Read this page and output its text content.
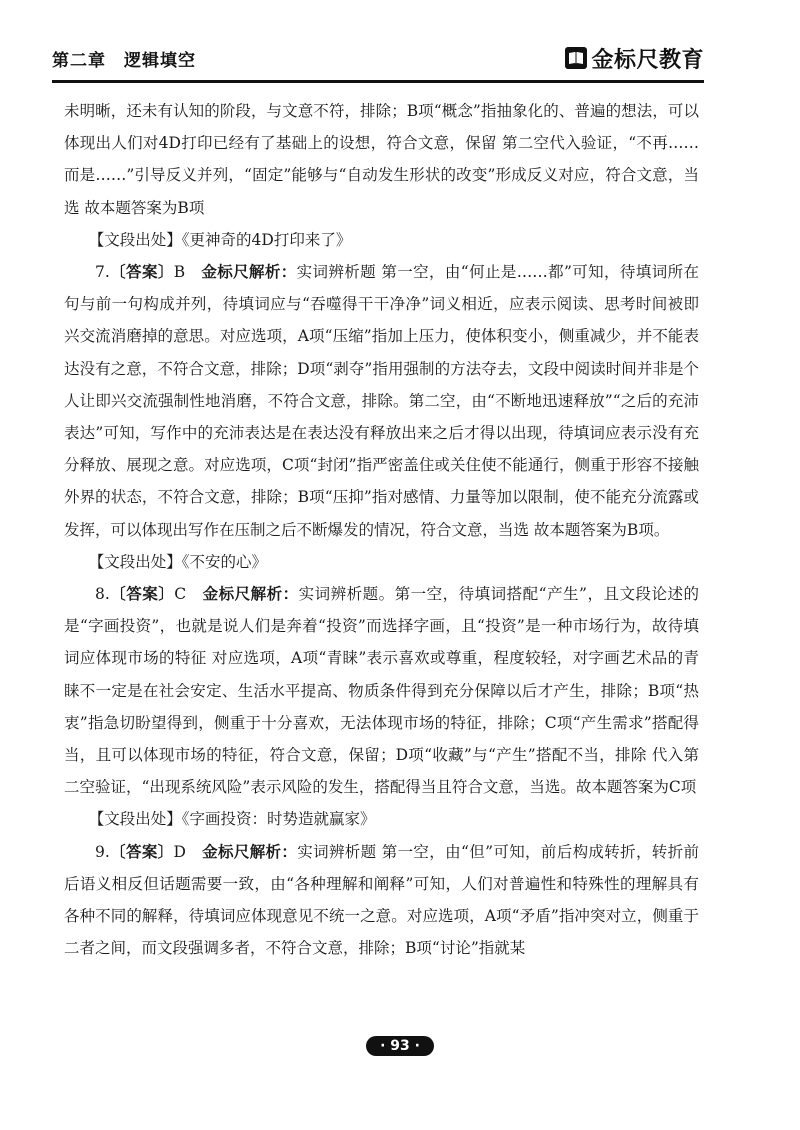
第二章　逻辑填空	金标尺教育

未明晰，还未有认知的阶段，与文意不符，排除；B项“概念”指抽象化的、普遍的想法，可以体现出人们对4D打印已经有了基础上的设想，符合文意，保留 第二空代入验证，“不再……而是……”引导反义并列，“固定”能够与“自动发生形状的改变”形成反义对应，符合文意，当选 故本题答案为B项

【文段出处】《更神奇的4D打印来了》

7.〔答案〕B　 金标尺解析：实词辨析题 第一空，由“何止是……都”可知，待填词所在句与前一句构成并列，待填词应与“吞噬得干干净净”词义相近，应表示阅读、思考时间被即兴交流消磨掉的意思。对应选项，A项“压缩”指加上压力，使体积变小，侧重减少，并不能表达没有之意，不符合文意，排除；D项“剥夺”指用强制的方法夺去，文段中阅读时间并非是个人让即兴交流强制性地消磨，不符合文意，排除。第二空，由“不断地迅速释放”“之后的充沛表达”可知，写作中的充沛表达是在表达没有释放出来之后才得以出现，待填词应表示没有充分释放、展现之意。对应选项，C项“封闭”指严密盖住或关住使不能通行，侧重于形容不接触外界的状态，不符合文意，排除；B项“压抑”指对感情、力量等加以限制，使不能充分流露或发挥，可以体现出写作在压制之后不断爆发的情况，符合文意，当选 故本题答案为B项。

【文段出处】《不安的心》

8.〔答案〕C　 金标尺解析：实词辨析题。第一空，待填词搭配“产生”，且文段论述的是“字画投资”，也就是说人们是奔着“投资”而选择字画，且“投资”是一种市场行为，故待填词应体现市场的特征 对应选项，A项“青睐”表示喜欢或尊重，程度较轻，对字画艺术品的青睐不一定是在社会安定、生活水平提高、物质条件得到充分保障以后才产生，排除；B项“热衷”指急切盼望得到，侧重于十分喜欢，无法体现市场的特征，排除；C项“产生需求”搭配得当，且可以体现市场的特征，符合文意，保留；D项“收藏”与“产生”搭配不当，排除 代入第二空验证，“出现系统风险”表示风险的发生，搭配得当且符合文意，当选。故本题答案为C项

【文段出处】《字画投资：时势造就赢家》

9.〔答案〕D　 金标尺解析：实词辨析题 第一空，由“但”可知，前后构成转折，转折前后语义相反但话题需要一致，由“各种理解和阐释”可知，人们对普遍性和特殊性的理解具有各种不同的解释，待填词应体现意见不统一之意。对应选项，A项“矛盾”指冲突对立，侧重于二者之间，而文段强调多者，不符合文意，排除；B项“讨论”指就某

· 93 ·
